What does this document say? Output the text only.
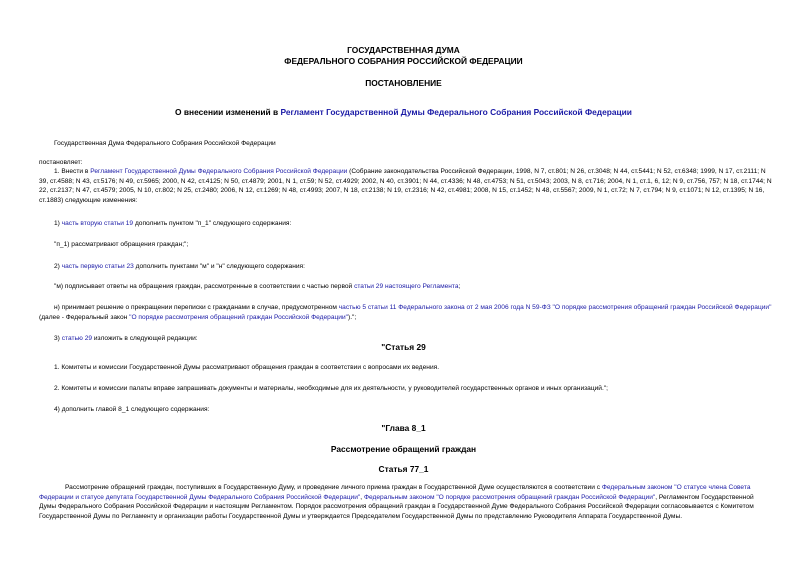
ГОСУДАРСТВЕННАЯ ДУМА
ФЕДЕРАЛЬНОГО СОБРАНИЯ РОССИЙСКОЙ ФЕДЕРАЦИИ
ПОСТАНОВЛЕНИЕ
О внесении изменений в Регламент Государственной Думы Федерального Собрания Российской Федерации

Государственная Дума Федерального Собрания Российской Федерации

постановляет:

1. Внести в Регламент Государственной Думы Федерального Собрания Российской Федерации (Собрание законодательства Российской Федерации, 1998, N 7, ст.801; N 26, ст.3048; N 44, ст.5441; N 52, ст.6348; 1999, N 17, ст.2111; N 39, ст.4588; N 43, ст.5176; N 49, ст.5965; 2000, N 42, ст.4125; N 50, ст.4879; 2001, N 1, ст.59; N 52, ст.4929; 2002, N 40, ст.3901; N 44, ст.4336; N 48, ст.4753; N 51, ст.5043; 2003, N 8, ст.716; 2004, N 1, ст.1, 6, 12; N 9, ст.756, 757; N 18, ст.1744; N 22, ст.2137; N 47, ст.4579; 2005, N 10, ст.802; N 25, ст.2480; 2006, N 12, ст.1269; N 48, ст.4993; 2007, N 18, ст.2138; N 19, ст.2316; N 42, ст.4981; 2008, N 15, ст.1452; N 48, ст.5567; 2009, N 1, ст.72; N 7, ст.794; N 9, ст.1071; N 12, ст.1395; N 16, ст.1883) следующие изменения:

1) часть вторую статьи 19 дополнить пунктом "п_1" следующего содержания:

"п_1) рассматривают обращения граждан;";

2) часть первую статьи 23 дополнить пунктами "м" и "н" следующего содержания:

"м) подписывает ответы на обращения граждан, рассмотренные в соответствии с частью первой статьи 29 настоящего Регламента;

н) принимает решение о прекращении переписки с гражданами в случае, предусмотренном частью 5 статьи 11 Федерального закона от 2 мая 2006 года N 59-ФЗ "О порядке рассмотрения обращений граждан Российской Федерации" (далее - Федеральный закон "О порядке рассмотрения обращений граждан Российской Федерации").";

3) статью 29 изложить в следующей редакции:

"Статья 29

1. Комитеты и комиссии Государственной Думы рассматривают обращения граждан в соответствии с вопросами их ведения.

2. Комитеты и комиссии палаты вправе запрашивать документы и материалы, необходимые для их деятельности, у руководителей государственных органов и иных организаций.";

4) дополнить главой 8_1 следующего содержания:

"Глава 8_1
Рассмотрение обращений граждан
Статья 77_1

Рассмотрение обращений граждан, поступивших в Государственную Думу, и проведение личного приема граждан в Государственной Думе осуществляются в соответствии с Федеральным законом "О статусе члена Совета Федерации и статусе депутата Государственной Думы Федерального Собрания Российской Федерации", Федеральным законом "О порядке рассмотрения обращений граждан Российской Федерации", Регламентом Государственной Думы Федерального Собрания Российской Федерации и настоящим Регламентом. Порядок рассмотрения обращений граждан в Государственной Думе Федерального Собрания Российской Федерации согласовывается с Комитетом Государственной Думы по Регламенту и организации работы Государственной Думы и утверждается Председателем Государственной Думы по представлению Руководителя Аппарата Государственной Думы.
